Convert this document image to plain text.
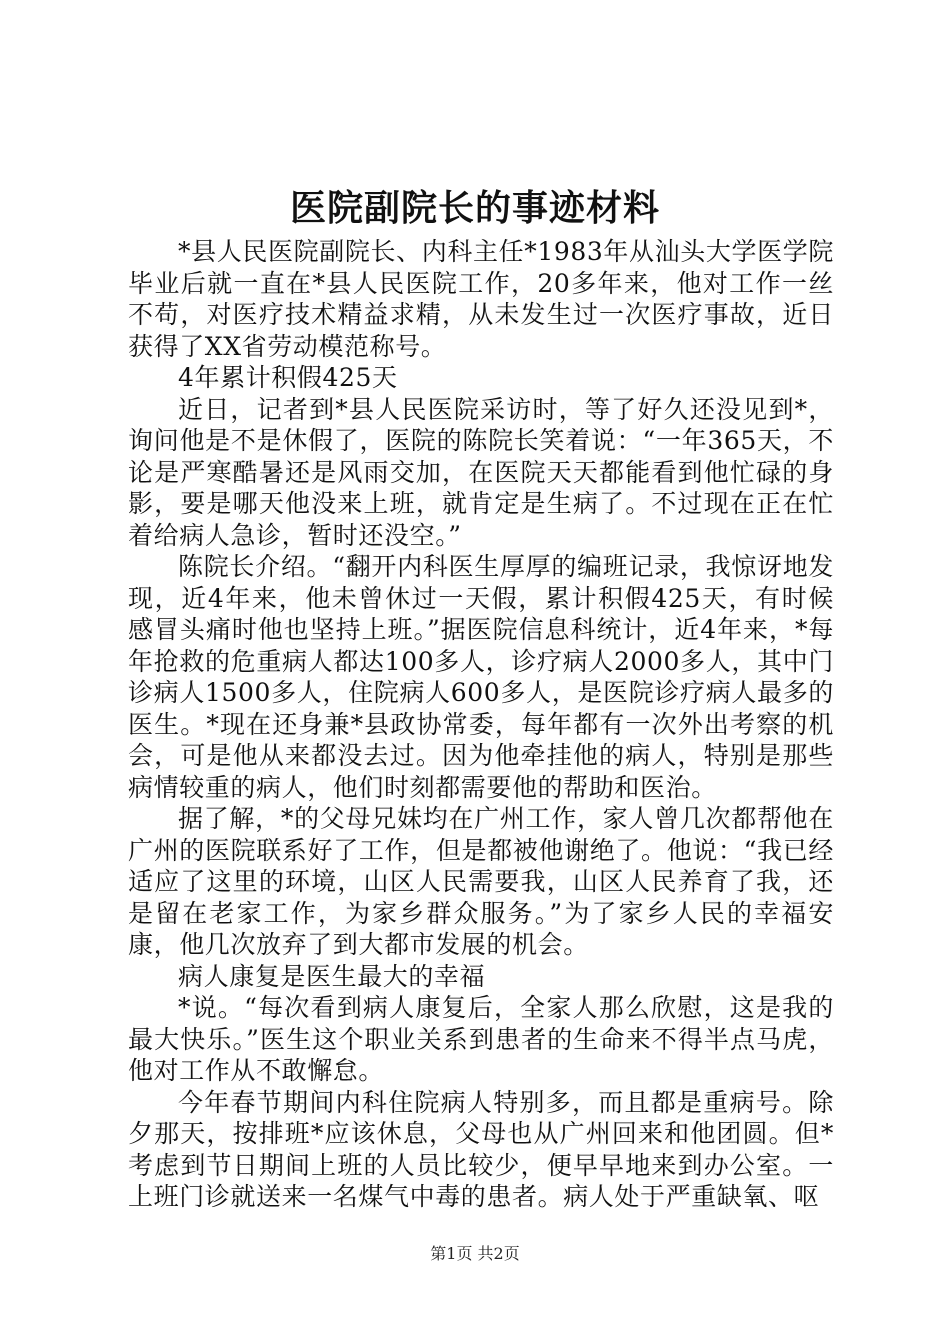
医院副院长的事迹材料

*县人民医院副院长、内科主任*1983年从汕头大学医学院毕业后就一直在*县人民医院工作，20多年来，他对工作一丝不苟，对医疗技术精益求精，从未发生过一次医疗事故，近日获得了XX省劳动模范称号。

4年累计积假425天

近日，记者到*县人民医院采访时，等了好久还没见到*，询问他是不是休假了，医院的陈院长笑着说：“一年365天，不论是严寒酷暑还是风雨交加，在医院天天都能看到他忙碌的身影，要是哪天他没来上班，就肯定是生病了。不过现在正在忙着给病人急诊，暂时还没空。”

陈院长介绍。“翻开内科医生厚厚的编班记录，我惊讶地发现，近4年来，他未曾休过一天假，累计积假425天，有时候感冒头痛时他也坚持上班。”据医院信息科统计，近4年来，*每年抢救的危重病人都达100多人，诊疗病人2000多人，其中门诊病人1500多人，住院病人600多人，是医院诊疗病人最多的医生。*现在还身兼*县政协常委，每年都有一次外出考察的机会，可是他从来都没去过。因为他牵挂他的病人，特别是那些病情较重的病人，他们时刻都需要他的帮助和医治。

据了解，*的父母兄妹均在广州工作，家人曾几次都帮他在广州的医院联系好了工作，但是都被他谢绝了。他说：“我已经适应了这里的环境，山区人民需要我，山区人民养育了我，还是留在老家工作，为家乡群众服务。”为了家乡人民的幸福安康，他几次放弃了到大都市发展的机会。

病人康复是医生最大的幸福

*说。“每次看到病人康复后，全家人那么欣慰，这是我的最大快乐。”医生这个职业关系到患者的生命来不得半点马虎，他对工作从不敢懈怠。

今年春节期间内科住院病人特别多，而且都是重病号。除夕那天，按排班*应该休息，父母也从广州回来和他团圆。但*考虑到节日期间上班的人员比较少，便早早地来到办公室。一上班门诊就送来一名煤气中毒的患者。病人处于严重缺氧、呕

第1页 共2页
